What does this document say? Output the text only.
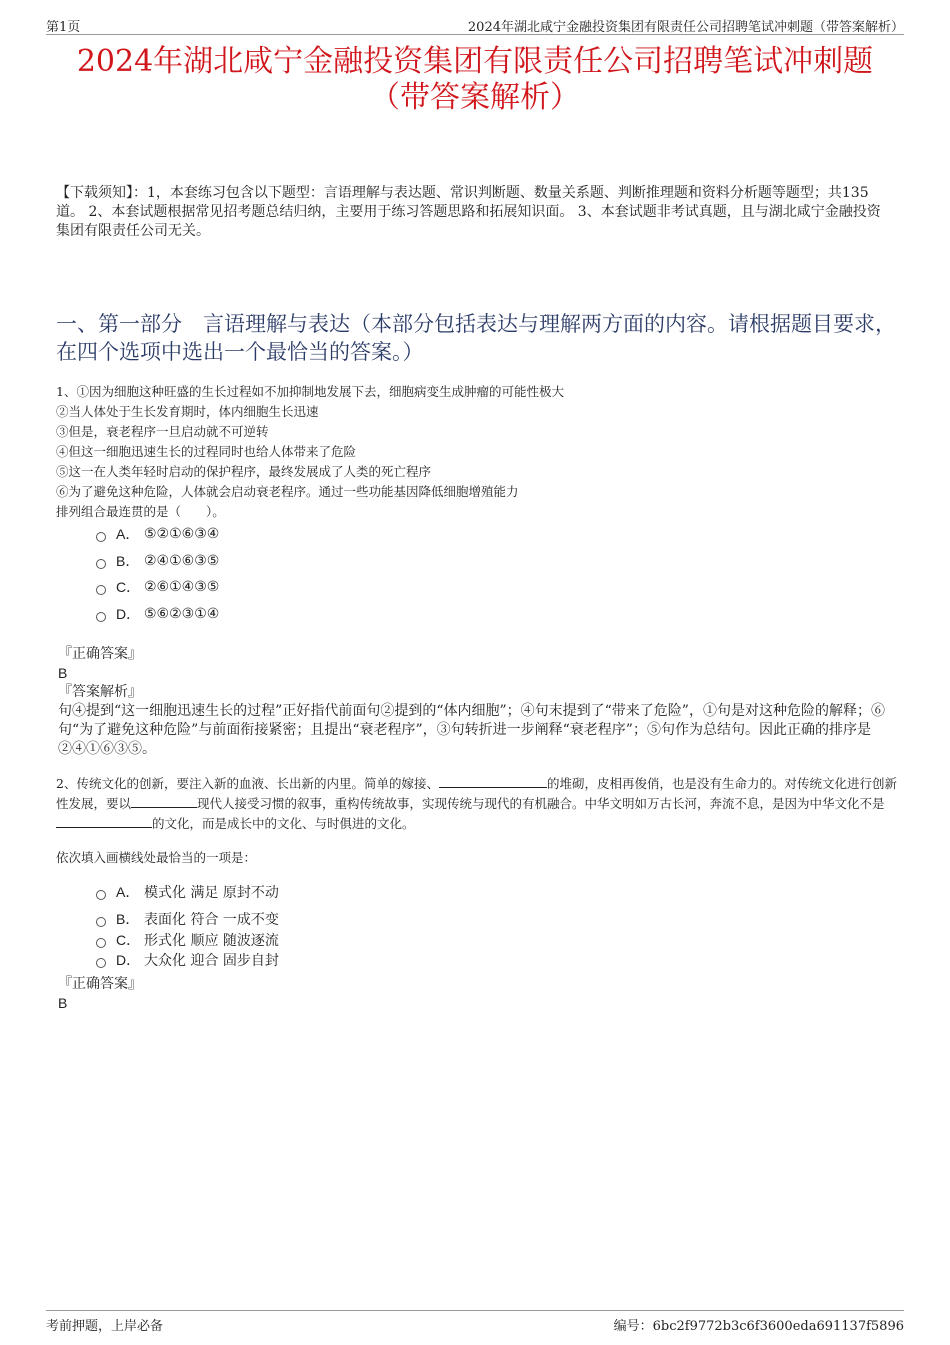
第1页	2024年湖北咸宁金融投资集团有限责任公司招聘笔试冲刺题（带答案解析）
2024年湖北咸宁金融投资集团有限责任公司招聘笔试冲刺题
（带答案解析）
【下载须知】：1，本套练习包含以下题型：言语理解与表达题、常识判断题、数量关系题、判断推理题和资料分析题等题型；共135道。 2、本套试题根据常见招考题总结归纳，主要用于练习答题思路和拓展知识面。 3、本套试题非考试真题，且与湖北咸宁金融投资集团有限责任公司无关。
一、第一部分　言语理解与表达（本部分包括表达与理解两方面的内容。请根据题目要求，在四个选项中选出一个最恰当的答案。）
1、①因为细胞这种旺盛的生长过程如不加抑制地发展下去，细胞病变生成肿瘤的可能性极大
②当人体处于生长发育期时，体内细胞生长迅速
③但是，衰老程序一旦启动就不可逆转
④但这一细胞迅速生长的过程同时也给人体带来了危险
⑤这一在人类年轻时启动的保护程序，最终发展成了人类的死亡程序
⑥为了避免这种危险，人体就会启动衰老程序。通过一些功能基因降低细胞增殖能力
排列组合最连贯的是（　　）。
A． ⑤②①⑥③④
B． ②④①⑥③⑤
C． ②⑥①④③⑤
D． ⑤⑥②③①④
『正确答案』
B
『答案解析』
句④提到“这一细胞迅速生长的过程”正好指代前面句②提到的“体内细胞”；④句末提到了“带来了危险”，①句是对这种危险的解释；⑥句“为了避免这种危险”与前面衔接紧密；且提出“衰老程序”，③句转折进一步阐释“衰老程序”；⑤句作为总结句。因此正确的排序是②④①⑥③⑤。
2、传统文化的创新，要注入新的血液、长出新的内里。简单的嫁接、	的堆砌，皮相再俊俏，也是没有生命力的。对传统文化进行创新性发展，要以	现代人接受习惯的叙事，重构传统故事，实现传统与现代的有机融合。中华文明如万古长河，奔流不息，是因为中华文化不是的文化，而是成长中的文化、与时俱进的文化。
依次填入画横线处最恰当的一项是：
A． 模式化 满足 原封不动
B． 表面化 符合 一成不变
C． 形式化 顺应 随波逐流
D． 大众化 迎合 固步自封
『正确答案』
B
考前押题，上岸必备	编号：6bc2f9772b3c6f3600eda691137f5896
